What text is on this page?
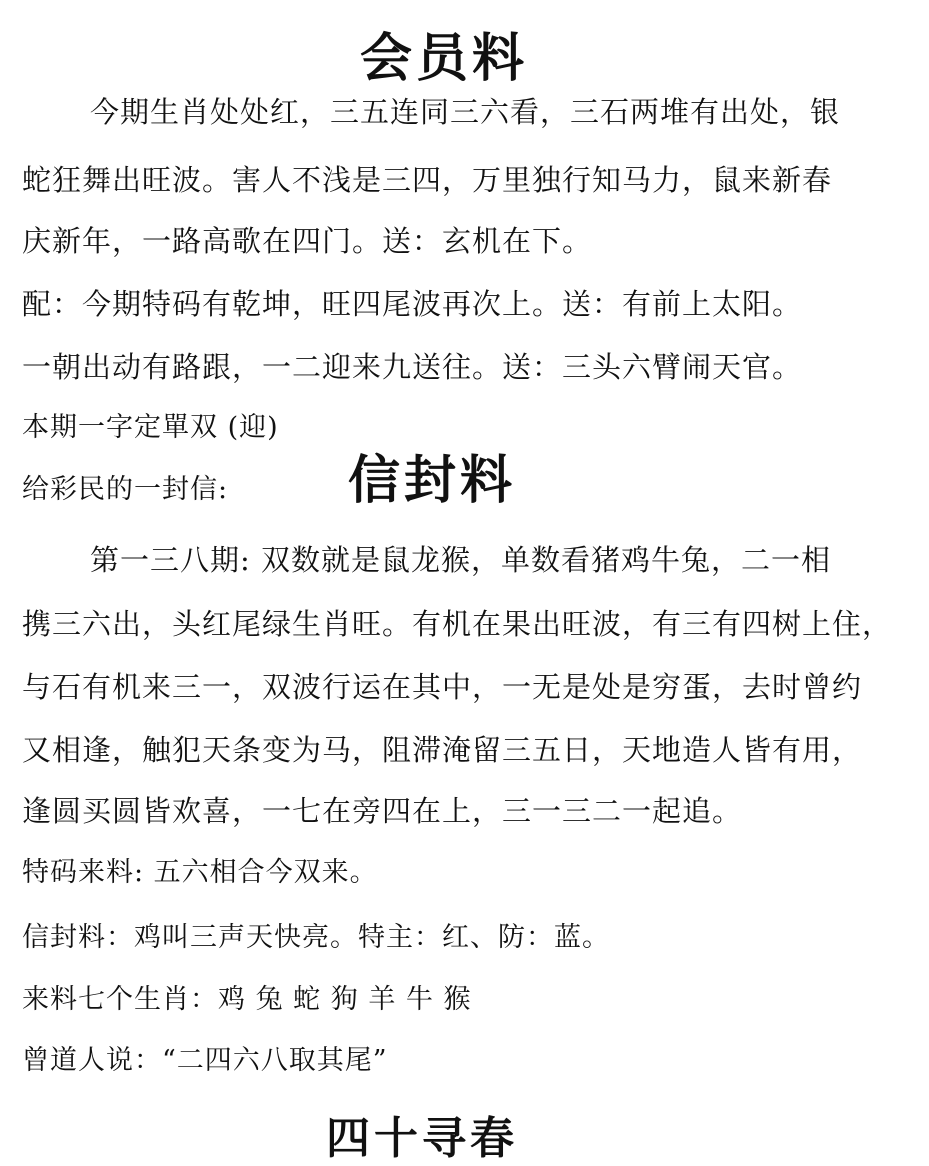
会员料
今期生肖处处红，三五连同三六看，三石两堆有出处，银
蛇狂舞出旺波。害人不浅是三四，万里独行知马力，鼠来新春
庆新年，一路高歌在四门。送：玄机在下。
配：今期特码有乾坤，旺四尾波再次上。送：有前上太阳。
一朝出动有路跟，一二迎来九送往。送：三头六臂闹天官。
本期一字定單双 (迎)
信封料
给彩民的一封信:
第一三八期: 双数就是鼠龙猴，单数看猪鸡牛兔，二一相
携三六出，头红尾绿生肖旺。有机在果出旺波，有三有四树上住，
与石有机来三一，双波行运在其中，一无是处是穷蛋，去时曾约
又相逢，触犯天条变为马，阻滞淹留三五日，天地造人皆有用，
逢圆买圆皆欢喜，一七在旁四在上，三一三二一起追。
特码来料: 五六相合今双来。
信封料：鸡叫三声天快亮。特主：红、防：蓝。
来料七个生肖：鸡 兔 蛇 狗 羊 牛 猴
曾道人说：“二四六八取其尾”
四十寻春
